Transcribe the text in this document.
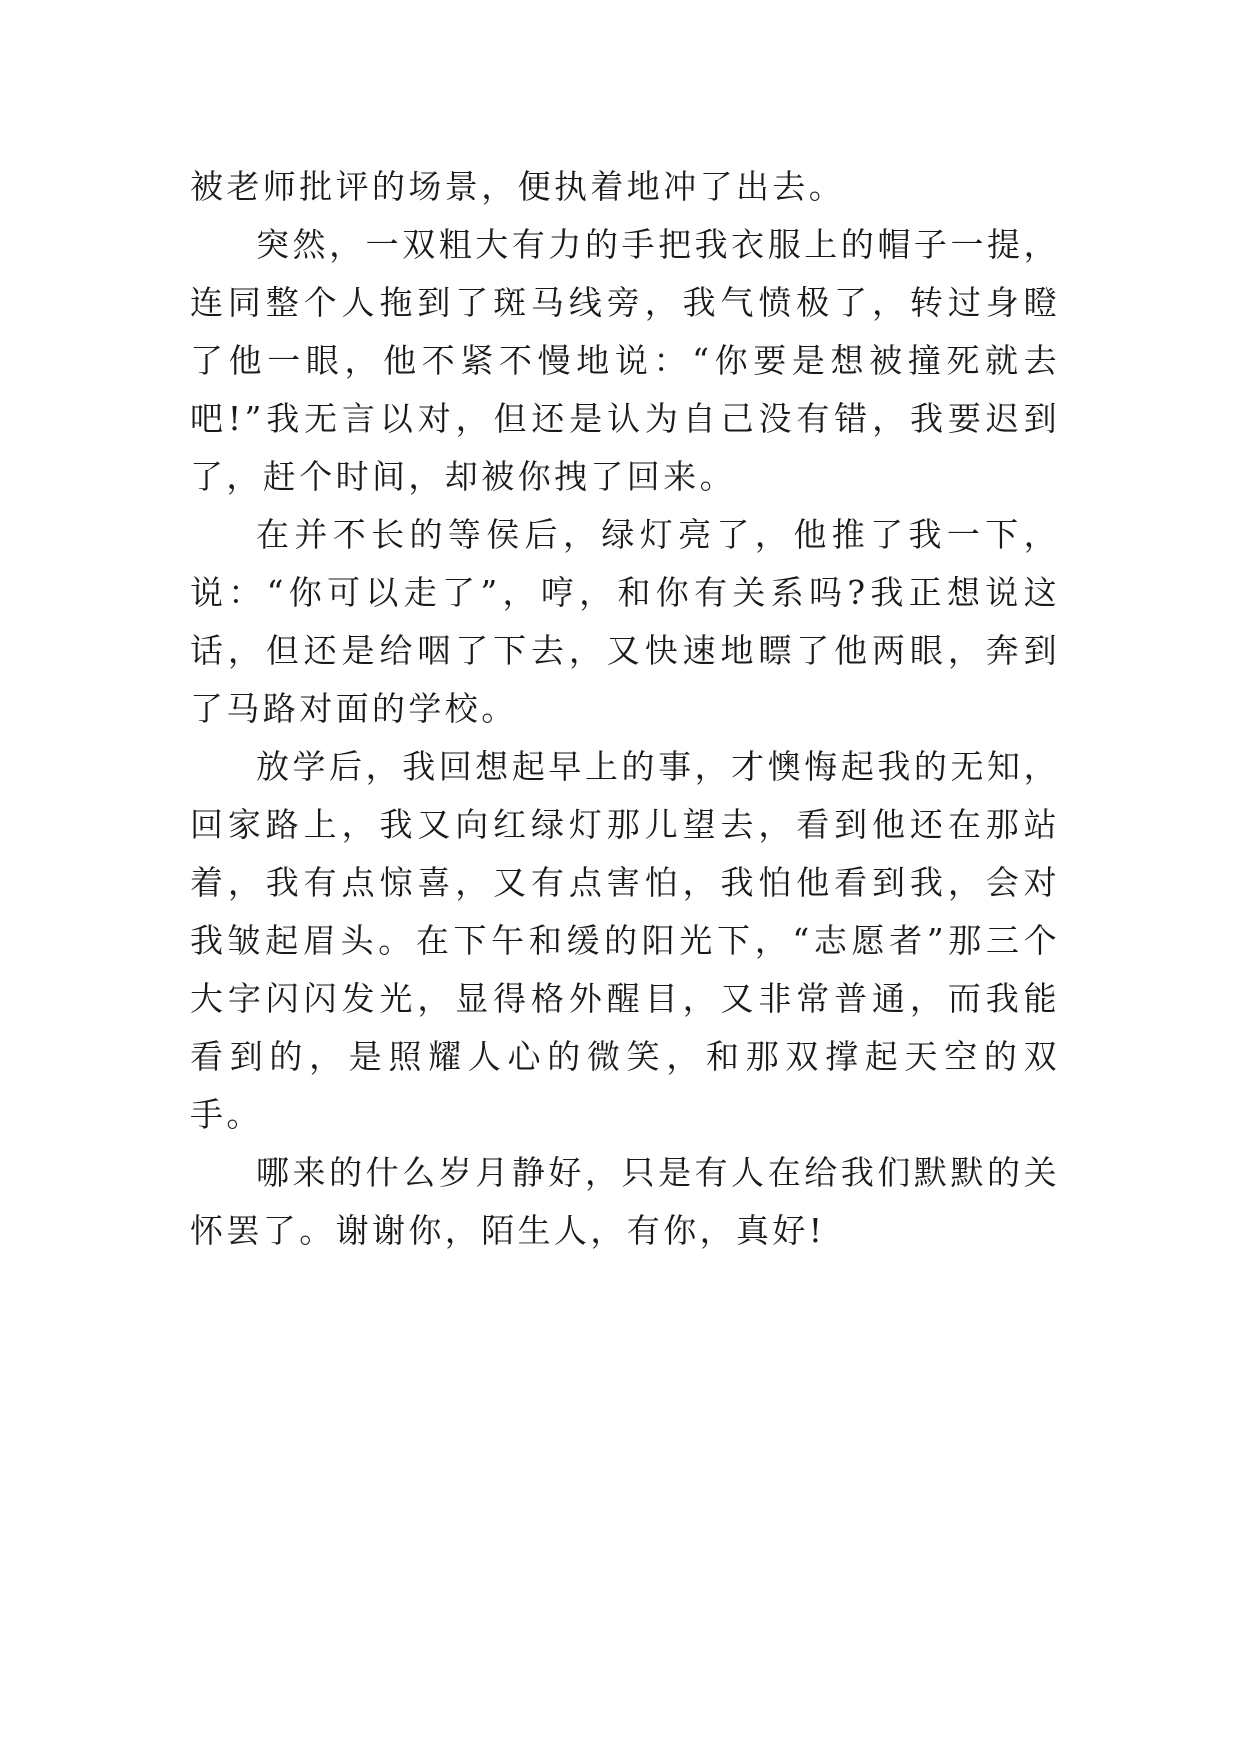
被老师批评的场景，便执着地冲了出去。

突然，一双粗大有力的手把我衣服上的帽子一提，连同整个人拖到了斑马线旁，我气愤极了，转过身瞪了他一眼，他不紧不慢地说：“你要是想被撞死就去吧!”我无言以对，但还是认为自己没有错，我要迟到了，赶个时间，却被你拽了回来。

在并不长的等侯后，绿灯亮了，他推了我一下，说：“你可以走了”，哼，和你有关系吗?我正想说这话，但还是给咽了下去，又快速地瞟了他两眼，奔到了马路对面的学校。

放学后，我回想起早上的事，才懊悔起我的无知，回家路上，我又向红绿灯那儿望去，看到他还在那站着，我有点惊喜，又有点害怕，我怕他看到我，会对我皱起眉头。在下午和缓的阳光下，“志愿者”那三个大字闪闪发光，显得格外醒目，又非常普通，而我能看到的，是照耀人心的微笑，和那双撑起天空的双手。

哪来的什么岁月静好，只是有人在给我们默默的关怀罢了。谢谢你，陌生人，有你，真好!
